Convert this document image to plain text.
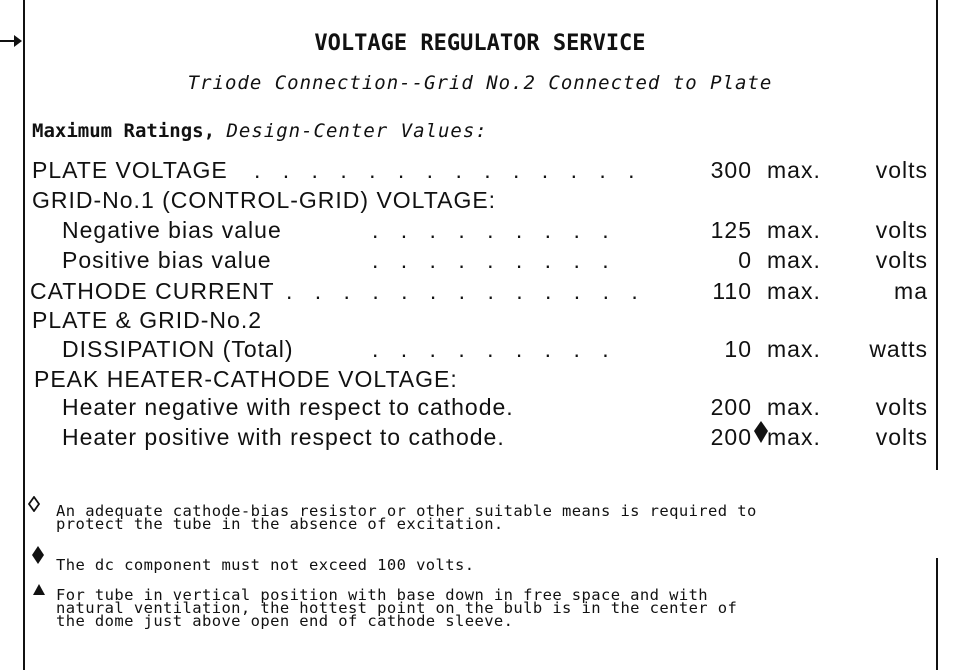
VOLTAGE REGULATOR SERVICE
Triode Connection--Grid No.2 Connected to Plate
Maximum Ratings, Design-Center Values:
PLATE VOLTAGE . . . . . . . . . . . . . .	300 max. volts
GRID-No.1 (CONTROL-GRID) VOLTAGE:
Negative bias value	. . . . . . . . .	125 max. volts
Positive bias value	. . . . . . . . .	0 max. volts
CATHODE CURRENT . . . . . . . . . . . . .	110 max.	ma
PLATE & GRID-No.2
DISSIPATION (Total)	. . . . . . . . .	10 max. watts
PEAK HEATER-CATHODE VOLTAGE:
Heater negative with respect to cathode.	200 max. volts
Heater positive with respect to cathode.	200 max. volts
An adequate cathode-bias resistor or other suitable means is required to
protect the tube in the absence of excitation.
The dc component must not exceed 100 volts.
For tube in vertical position with base down in free space and with
natural ventilation, the hottest point on the bulb is in the center of
the dome just above open end of cathode sleeve.
